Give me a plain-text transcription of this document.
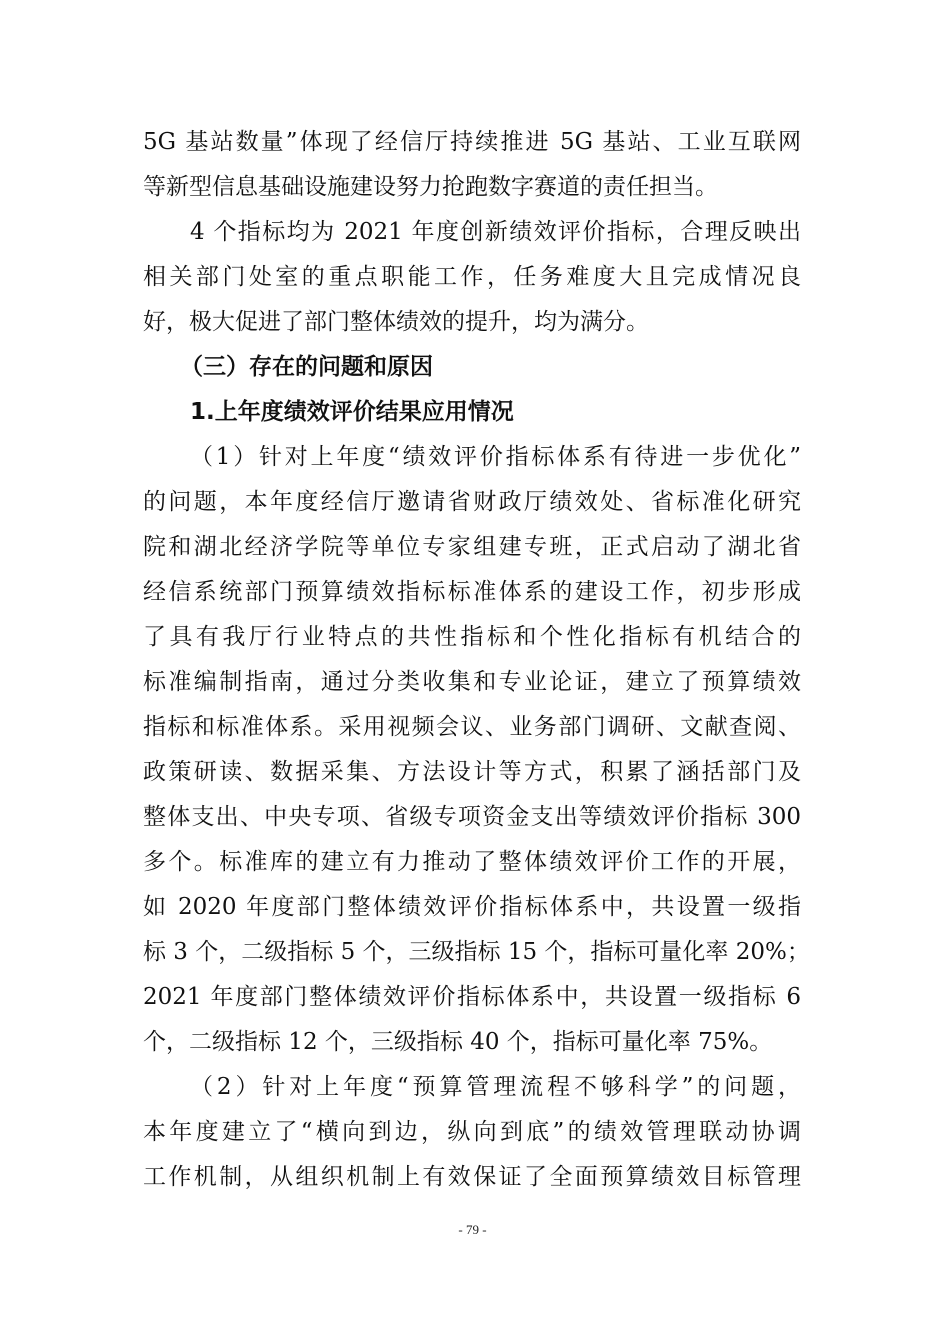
5G 基站数量”体现了经信厅持续推进 5G 基站、工业互联网
等新型信息基础设施建设努力抢跑数字赛道的责任担当。
4 个指标均为 2021 年度创新绩效评价指标，合理反映出
相关部门处室的重点职能工作，任务难度大且完成情况良
好，极大促进了部门整体绩效的提升，均为满分。
（三）存在的问题和原因
1.上年度绩效评价结果应用情况
（1）针对上年度“绩效评价指标体系有待进一步优化”
的问题，本年度经信厅邀请省财政厅绩效处、省标准化研究
院和湖北经济学院等单位专家组建专班，正式启动了湖北省
经信系统部门预算绩效指标标准体系的建设工作，初步形成
了具有我厅行业特点的共性指标和个性化指标有机结合的
标准编制指南，通过分类收集和专业论证，建立了预算绩效
指标和标准体系。采用视频会议、业务部门调研、文献查阅、
政策研读、数据采集、方法设计等方式，积累了涵括部门及
整体支出、中央专项、省级专项资金支出等绩效评价指标 300
多个。标准库的建立有力推动了整体绩效评价工作的开展，
如 2020 年度部门整体绩效评价指标体系中，共设置一级指
标 3 个，二级指标 5 个，三级指标 15 个，指标可量化率 20%；
2021 年度部门整体绩效评价指标体系中，共设置一级指标 6
个，二级指标 12 个，三级指标 40 个，指标可量化率 75%。
（2）针对上年度“预算管理流程不够科学”的问题，
本年度建立了“横向到边，纵向到底”的绩效管理联动协调
工作机制，从组织机制上有效保证了全面预算绩效目标管理
- 79 -
